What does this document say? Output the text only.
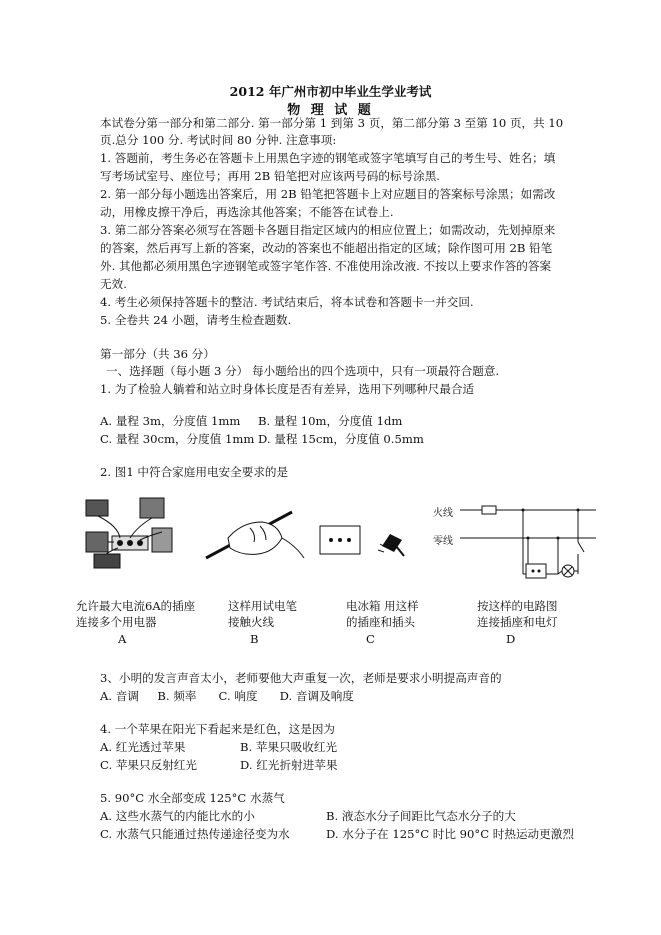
2012 年广州市初中毕业生学业考试
物 理 试 题
本试卷分第一部分和第二部分. 第一部分第 1 到第 3 页，第二部分第 3 至第 10 页，共 10
页.总分 100 分. 考试时间 80 分钟. 注意事项:
1. 答题前，考生务必在答题卡上用黑色字迹的钢笔或签字笔填写自己的考生号、姓名；填
写考场试室号、座位号；再用 2B 铅笔把对应该两号码的标号涂黑.
2. 第一部分每小题选出答案后，用 2B 铅笔把答题卡上对应题目的答案标号涂黑；如需改
动，用橡皮擦干净后，再选涂其他答案；不能答在试卷上.
3. 第二部分答案必须写在答题卡各题目指定区域内的相应位置上；如需改动，先划掉原来
的答案，然后再写上新的答案，改动的答案也不能超出指定的区域；除作图可用 2B 铅笔
外. 其他都必须用黑色字迹钢笔或签字笔作答. 不准使用涂改液. 不按以上要求作答的答案
无效.
4. 考生必须保持答题卡的整洁. 考试结束后，将本试卷和答题卡一并交回.
5. 全卷共 24 小题，请考生检查题数.
第一部分（共 36 分）
一、选择题（每小题 3 分） 每小题给出的四个选项中，只有一项最符合题意.
1. 为了检验人躺着和站立时身体长度是否有差异，选用下列哪种尺最合适
A. 量程 3m，分度值 1mm B. 量程 10m，分度值 1dm
C. 量程 30cm，分度值 1mm D. 量程 15cm，分度值 0.5mm
2. 图1 中符合家庭用电安全要求的是
火线
零线
允许最大电流6A的插座
连接多个用电器
A
这样用试电笔
接触火线
B
电冰箱 用这样
的插座和插头
C
按这样的电路图
连接插座和电灯
D
3、小明的发言声音太小，老师要他大声重复一次，老师是要求小明提高声音的
A. 音调     B. 频率      C. 响度      D. 音调及响度
4. 一个苹果在阳光下看起来是红色，这是因为
A. 红光透过苹果	B. 苹果只吸收红光
C. 苹果只反射红光	D. 红光折射进苹果
5. 90°C 水全部变成 125°C 水蒸气
A. 这些水蒸气的内能比水的小	B. 液态水分子间距比气态水分子的大
C. 水蒸气只能通过热传递途径变为水	D. 水分子在 125°C 时比 90°C 时热运动更激烈
